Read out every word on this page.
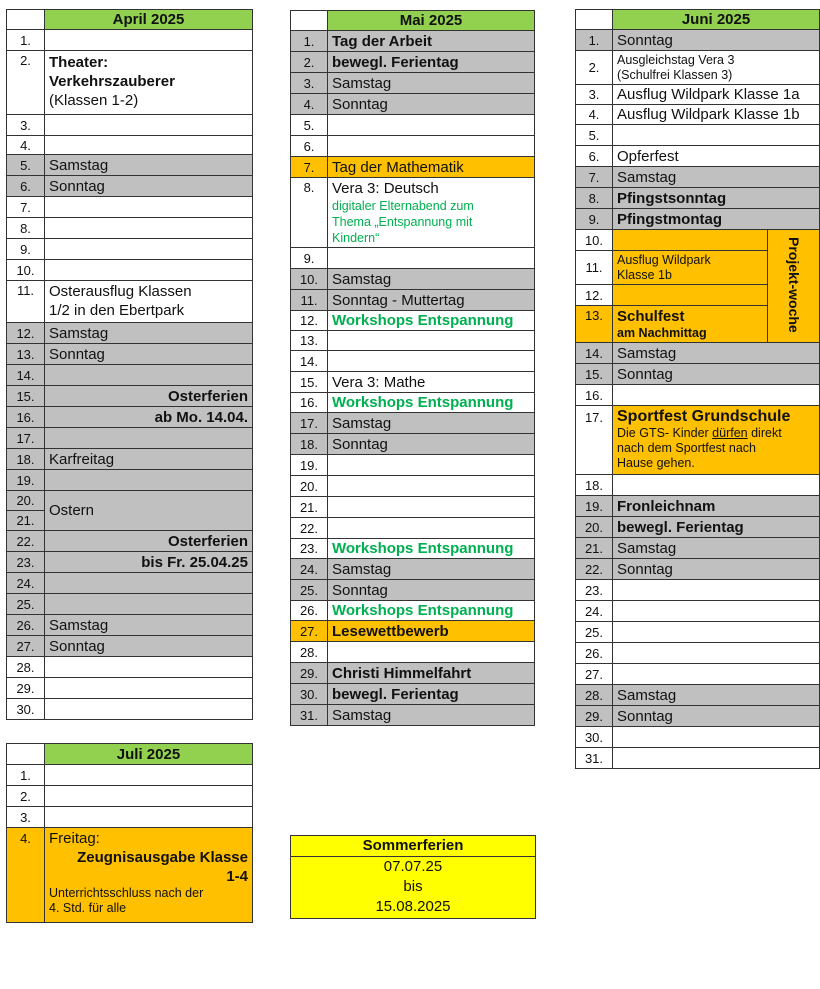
	April 2025
1.	
2.	Theater:
Verkehrszauberer
(Klassen 1-2)

3.	
4.	
5.	Samstag
6.	Sonntag
7.	
8.	
9.	
10.	
11.	Osterausflug Klassen
1/2 in den Ebertpark

12.	Samstag
13.	Sonntag
14.	
15.	Osterferien
16.	ab Mo. 14.04.
17.	
18.	Karfreitag
19.	
20.	Ostern
21.	
22.	Osterferien
23.	bis Fr. 25.04.25
24.	
25.	
26.	Samstag
27.	Sonntag
28.	
29.	
30.	
	Mai 2025
1.	Tag der Arbeit
2.	bewegl. Ferientag
3.	Samstag
4.	Sonntag
5.	
6.	
7.	Tag der Mathematik
8.	Vera 3: Deutsch
digitaler Elternabend zum
Thema „Entspannung mit
Kindern“

9.	
10.	Samstag
11.	Sonntag - Muttertag
12.	Workshops Entspannung
13.	
14.	
15.	Vera 3: Mathe
16.	Workshops Entspannung
17.	Samstag
18.	Sonntag
19.	
20.	
21.	
22.	
23.	Workshops Entspannung
24.	Samstag
25.	Sonntag
26.	Workshops Entspannung
27.	Lesewettbewerb
28.	
29.	Christi Himmelfahrt
30.	bewegl. Ferientag
31.	Samstag
	Juni 2025	
1.	Sonntag	
2.	Ausgleichstag Vera 3
(Schulfrei Klassen 3)	

3.	Ausflug Wildpark Klasse 1a	
4.	Ausflug Wildpark Klasse 1b	
5.		
6.	Opferfest	
7.	Samstag	
8.	Pfingstsonntag	
9.	Pfingstmontag	
10.		Projekt-woche
11.	Ausflug Wildpark
Klasse 1b	

12.		
13.	Schulfest
am Nachmittag	

14.	Samstag	
15.	Sonntag	
16.		
17.	Sportfest Grundschule
Die GTS- Kinder dürfen direkt
nach dem Sportfest nach
Hause gehen.	

18.		
19.	Fronleichnam	
20.	bewegl. Ferientag	
21.	Samstag	
22.	Sonntag	
23.		
24.		
25.		
26.		
27.		
28.	Samstag	
29.	Sonntag	
30.		
31.		
	Juli 2025
1.	
2.	
3.	
4.	Freitag:
Zeugnisausgabe Klasse
1-4
Unterrichtsschluss nach der
4. Std. für alle
Sommerferien
07.07.25
bis
15.08.2025
